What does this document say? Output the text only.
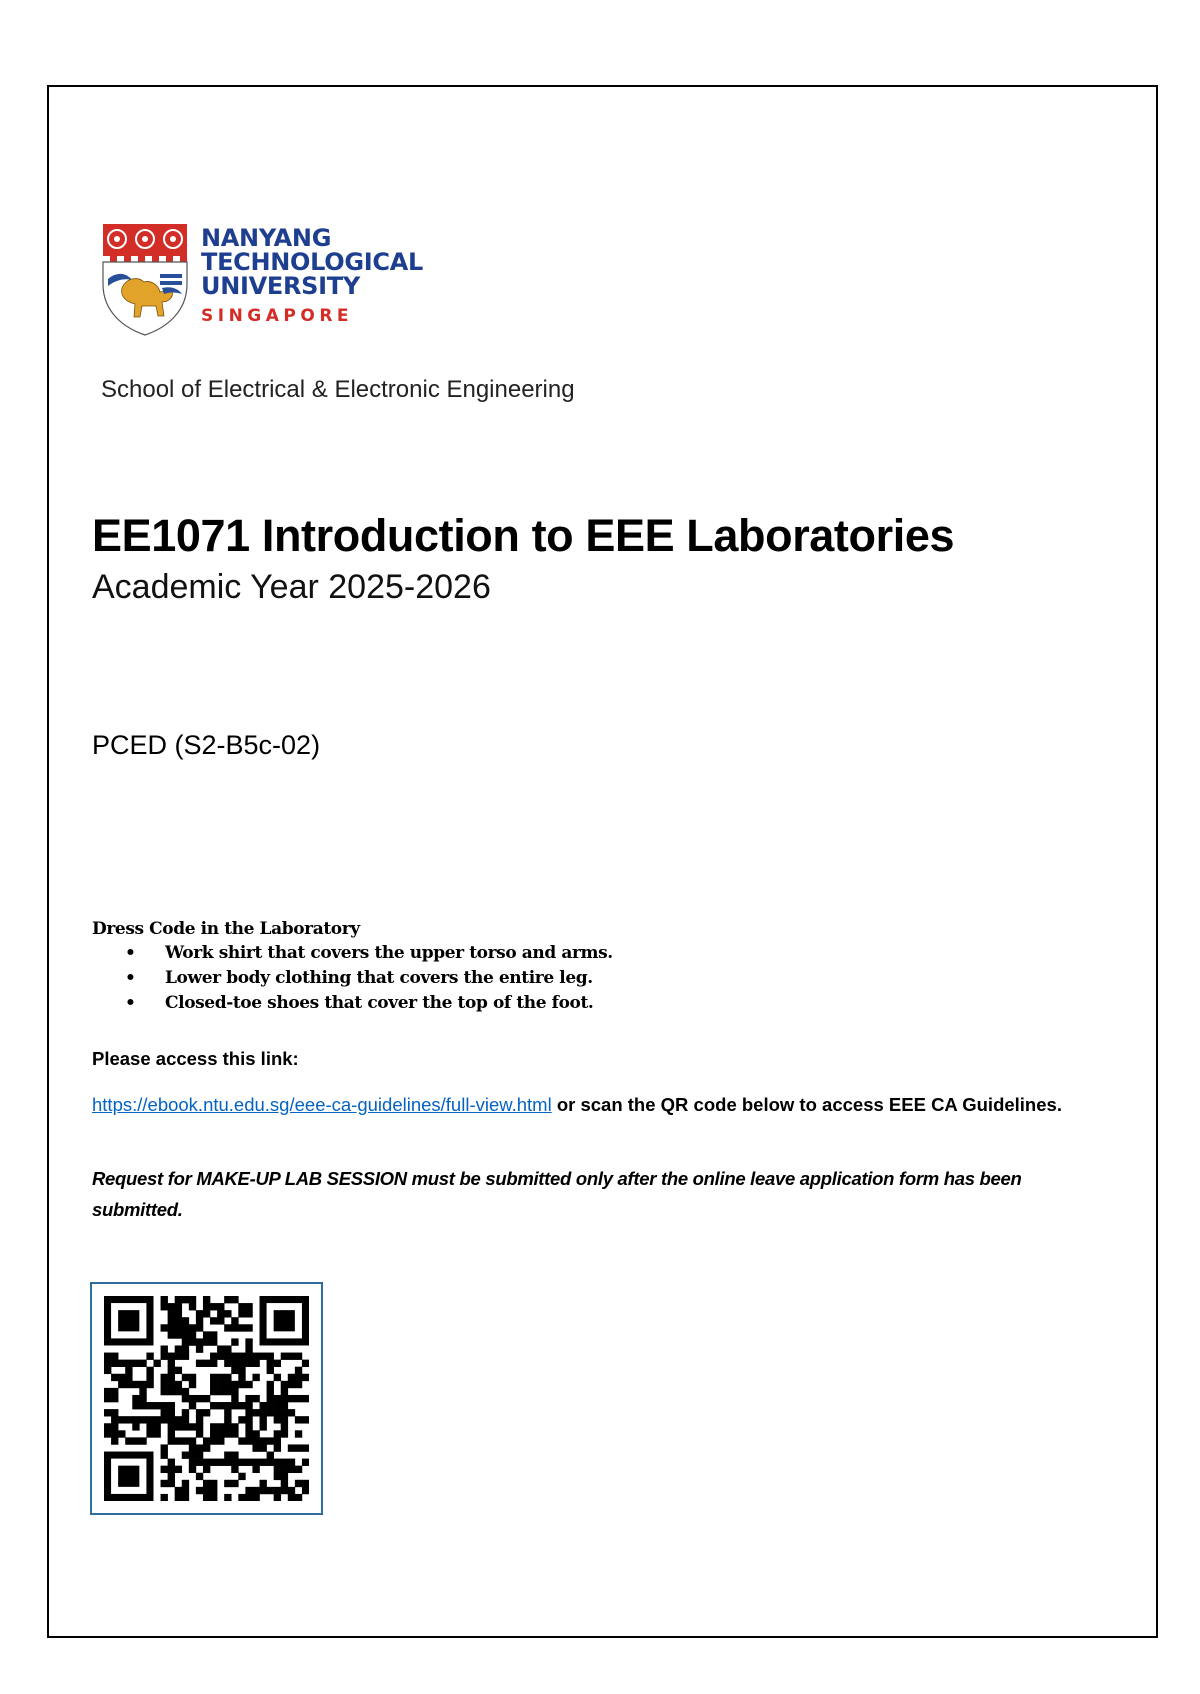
NANYANG
TECHNOLOGICAL
UNIVERSITY
SINGAPORE
School of Electrical & Electronic Engineering
EE1071 Introduction to EEE Laboratories
Academic Year 2025-2026
PCED (S2-B5c-02)
Dress Code in the Laboratory
• Work shirt that covers the upper torso and arms.
• Lower body clothing that covers the entire leg.
• Closed-toe shoes that cover the top of the foot.
Please access this link:
https://ebook.ntu.edu.sg/eee-ca-guidelines/full-view.html or scan the QR code below to access EEE CA Guidelines.
Request for MAKE-UP LAB SESSION must be submitted only after the online leave application form has been submitted.
